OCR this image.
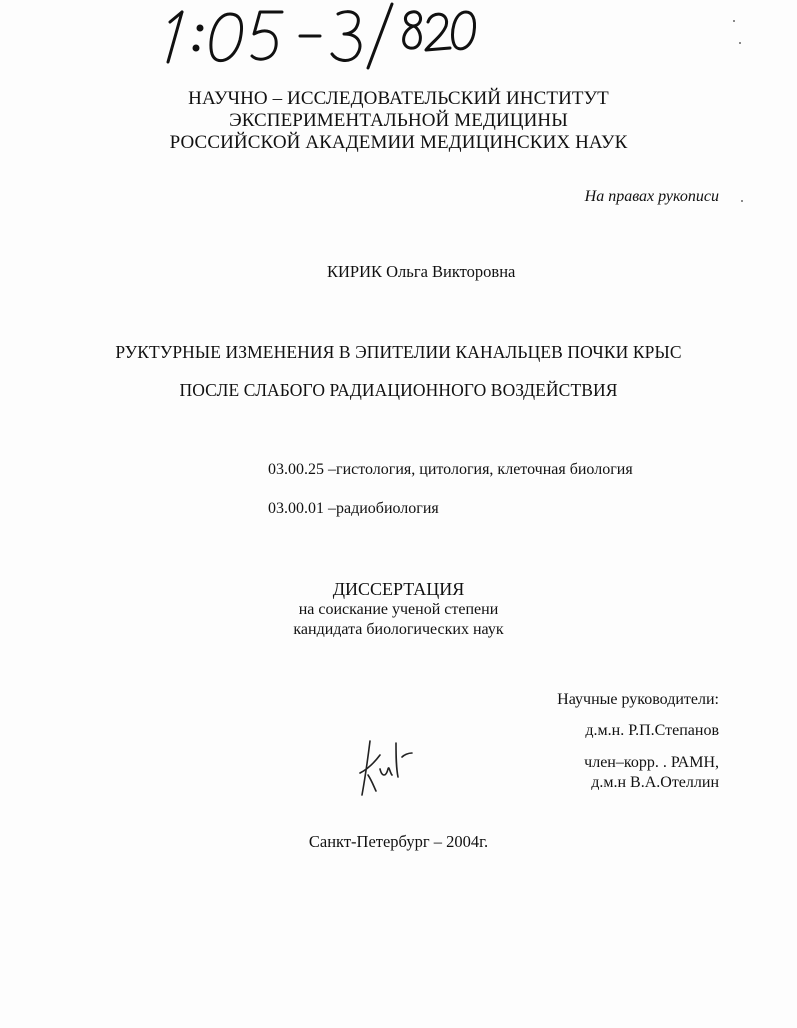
НАУЧНО – ИССЛЕДОВАТЕЛЬСКИЙ ИНСТИТУТ
ЭКСПЕРИМЕНТАЛЬНОЙ МЕДИЦИНЫ
РОССИЙСКОЙ АКАДЕМИИ МЕДИЦИНСКИХ НАУК
На правах рукописи
КИРИК Ольга Викторовна
РУКТУРНЫЕ ИЗМЕНЕНИЯ В ЭПИТЕЛИИ КАНАЛЬЦЕВ ПОЧКИ КРЫС
ПОСЛЕ СЛАБОГО РАДИАЦИОННОГО ВОЗДЕЙСТВИЯ
03.00.25 –гистология, цитология, клеточная биология
03.00.01 –радиобиология
ДИССЕРТАЦИЯ
на соискание ученой степени
кандидата биологических наук
Научные руководители:
д.м.н. Р.П.Степанов
член–корр. . РАМН,
д.м.н В.А.Отеллин
Санкт-Петербург – 2004г.
